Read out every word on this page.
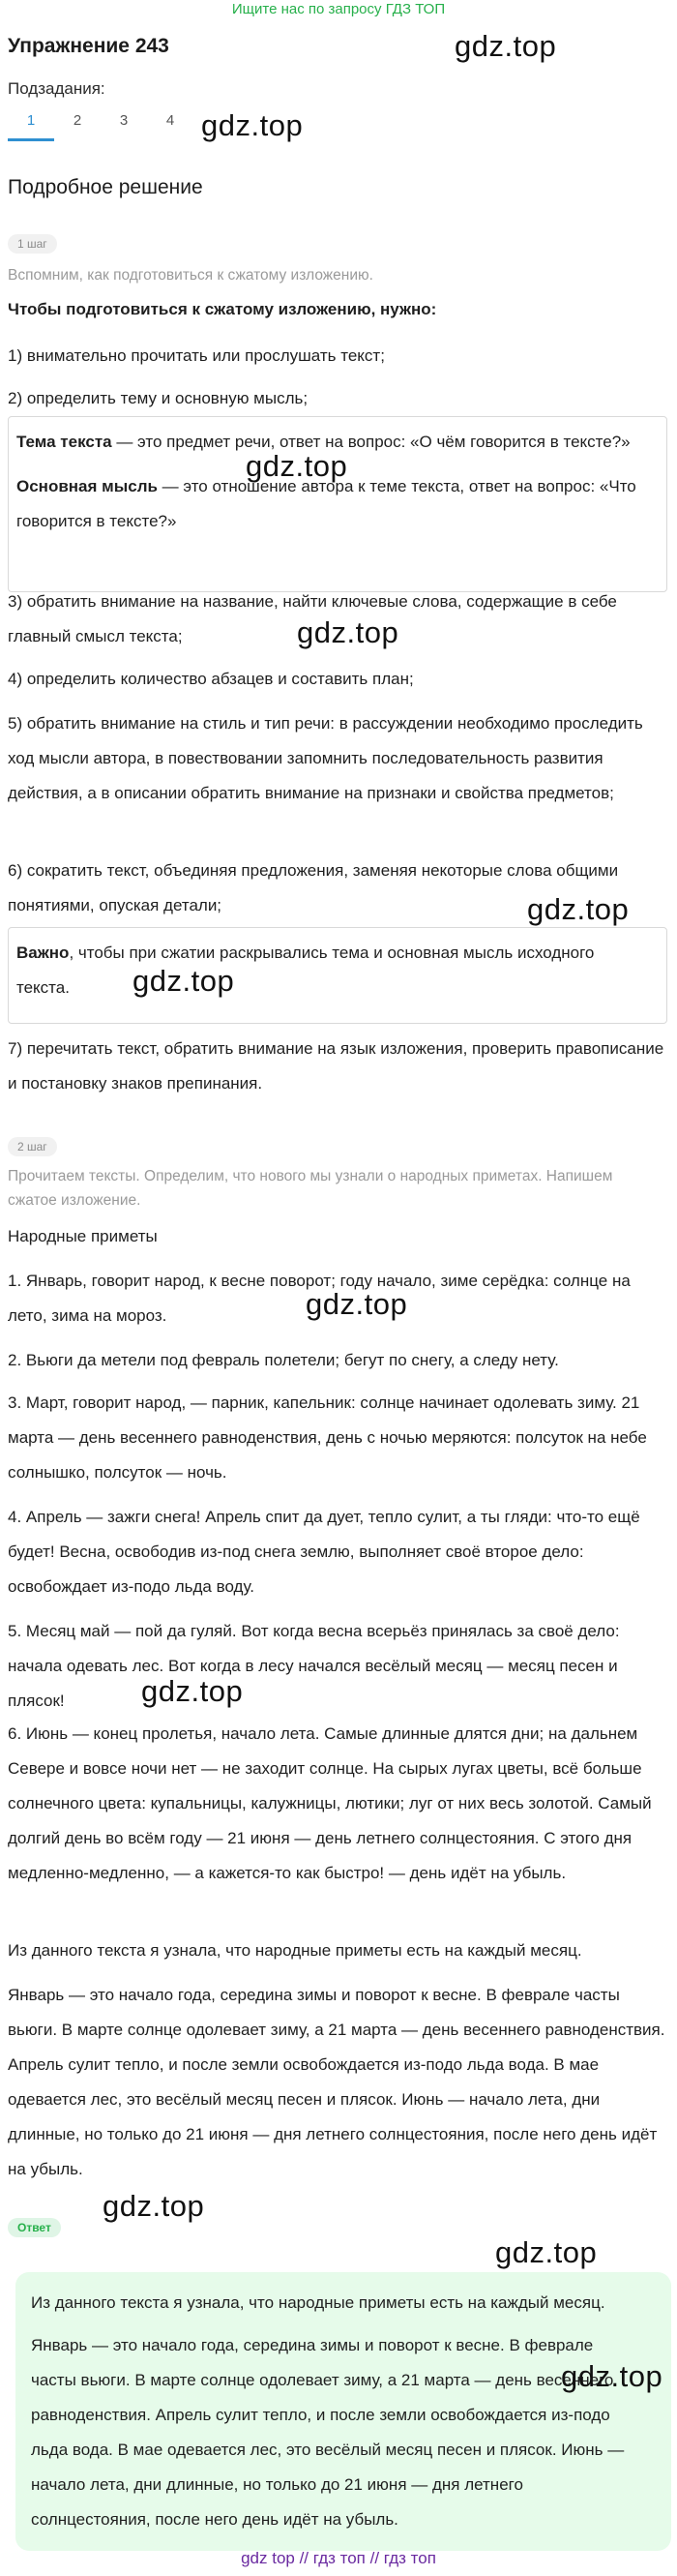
Ищите нас по запросу ГДЗ ТОП
Упражнение 243	gdz.top
Подзадания:
1	2	3	4 gdz.top
Подробное решение
1 шаг
Вспомним, как подготовиться к сжатому изложению.
Чтобы подготовиться к сжатому изложению, нужно:
1) внимательно прочитать или прослушать текст;
2) определить тему и основную мысль;
Тема текста — это предмет речи, ответ на вопрос: «О чём говорится в тексте?»
Основная мысль — это отношение автора к теме текста, ответ на вопрос: «Что говорится в тексте?»
gdz.top
3) обратить внимание на название, найти ключевые слова, содержащие в себе главный смысл текста;	gdz.top
4) определить количество абзацев и составить план;
5) обратить внимание на стиль и тип речи: в рассуждении необходимо проследить ход мысли автора, в повествовании запомнить последовательность развития действия, а в описании обратить внимание на признаки и свойства предметов;
6) сократить текст, объединяя предложения, заменяя некоторые слова общими понятиями, опуская детали;	gdz.top
Важно, чтобы при сжатии раскрывались тема и основная мысль исходного текста.	gdz.top
7) перечитать текст, обратить внимание на язык изложения, проверить правописание и постановку знаков препинания.
2 шаг
Прочитаем тексты. Определим, что нового мы узнали о народных приметах. Напишем сжатое изложение.
Народные приметы
1. Январь, говорит народ, к весне поворот; году начало, зиме серёдка: солнце на лето, зима на мороз.	gdz.top
2. Вьюги да метели под февраль полетели; бегут по снегу, а следу нету.
3. Март, говорит народ, — парник, капельник: солнце начинает одолевать зиму. 21 марта — день весеннего равноденствия, день с ночью меряются: полсуток на небе солнышко, полсуток — ночь.
4. Апрель — зажги снега! Апрель спит да дует, тепло сулит, а ты гляди: что-то ещё будет! Весна, освободив из-под снега землю, выполняет своё второе дело: освобождает из-подо льда воду.
5. Месяц май — пой да гуляй. Вот когда весна всерьёз принялась за своё дело: начала одевать лес. Вот когда в лесу начался весёлый месяц — месяц песен и плясок!	gdz.top
6. Июнь — конец пролетья, начало лета. Самые длинные длятся дни; на дальнем Севере и вовсе ночи нет — не заходит солнце. На сырых лугах цветы, всё больше солнечного цвета: купальницы, калужницы, лютики; луг от них весь золотой. Самый долгий день во всём году — 21 июня — день летнего солнцестояния. С этого дня медленно-медленно, — а кажется-то как быстро! — день идёт на убыль.
Из данного текста я узнала, что народные приметы есть на каждый месяц.
Январь — это начало года, середина зимы и поворот к весне. В феврале часты вьюги. В марте солнце одолевает зиму, а 21 марта — день весеннего равноденствия. Апрель сулит тепло, и после земли освобождается из-подо льда вода. В мае одевается лес, это весёлый месяц песен и плясок. Июнь — начало лета, дни длинные, но только до 21 июня — дня летнего солнцестояния, после него день идёт на убыль.
gdz.top
Ответ
gdz.top
Из данного текста я узнала, что народные приметы есть на каждый месяц.
Январь — это начало года, середина зимы и поворот к весне. В феврале часты вьюги. В марте солнце одолевает зиму, а 21 марта — день весеннего равноденствия. Апрель сулит тепло, и после земли освобождается из-подо льда вода. В мае одевается лес, это весёлый месяц песен и плясок. Июнь — начало лета, дни длинные, но только до 21 июня — дня летнего солнцестояния, после него день идёт на убыль.
gdz.top
gdz top // гдз топ // гдз топ
